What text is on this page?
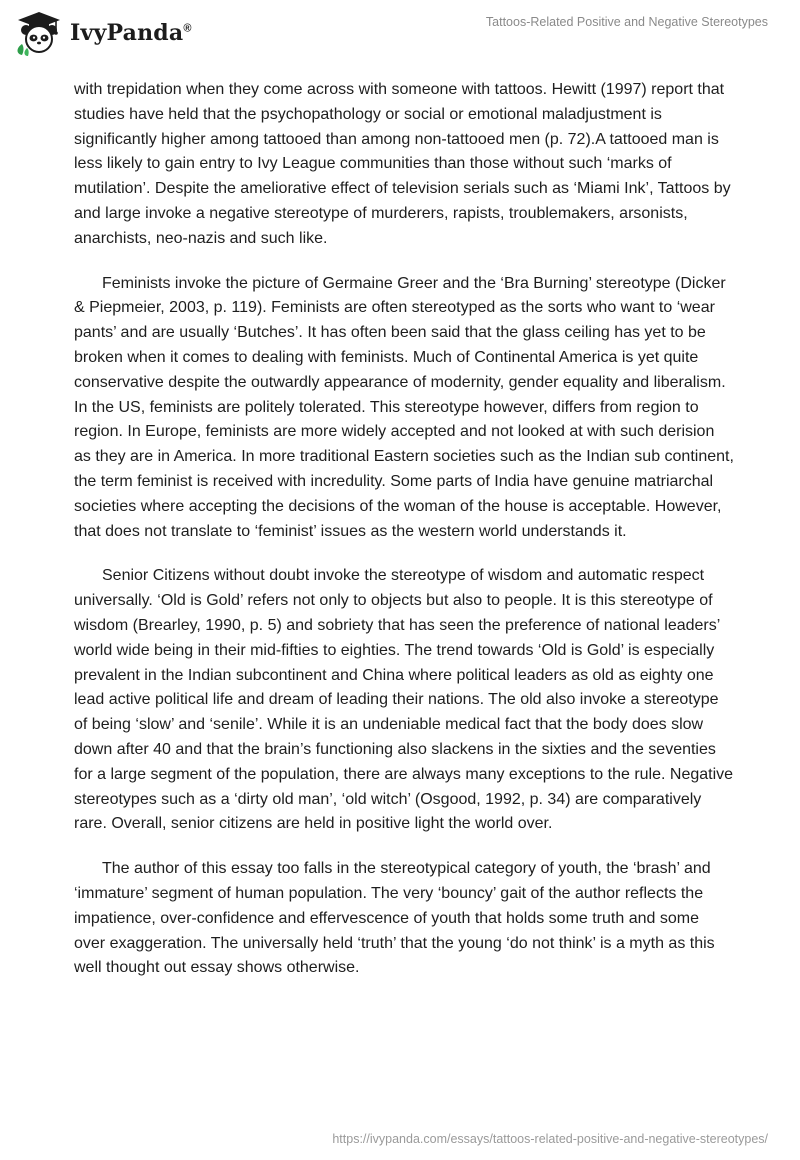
IvyPanda®	Tattoos-Related Positive and Negative Stereotypes

with trepidation when they come across with someone with tattoos. Hewitt (1997) report that studies have held that the psychopathology or social or emotional maladjustment is significantly higher among tattooed than among non-tattooed men (p. 72).A tattooed man is less likely to gain entry to Ivy League communities than those without such ‘marks of mutilation’. Despite the ameliorative effect of television serials such as ‘Miami Ink’, Tattoos by and large invoke a negative stereotype of murderers, rapists, troublemakers, arsonists, anarchists, neo-nazis and such like.

Feminists invoke the picture of Germaine Greer and the ‘Bra Burning’ stereotype (Dicker & Piepmeier, 2003, p. 119). Feminists are often stereotyped as the sorts who want to ‘wear pants’ and are usually ‘Butches’. It has often been said that the glass ceiling has yet to be broken when it comes to dealing with feminists. Much of Continental America is yet quite conservative despite the outwardly appearance of modernity, gender equality and liberalism. In the US, feminists are politely tolerated. This stereotype however, differs from region to region. In Europe, feminists are more widely accepted and not looked at with such derision as they are in America. In more traditional Eastern societies such as the Indian sub continent, the term feminist is received with incredulity. Some parts of India have genuine matriarchal societies where accepting the decisions of the woman of the house is acceptable. However, that does not translate to ‘feminist’ issues as the western world understands it.

Senior Citizens without doubt invoke the stereotype of wisdom and automatic respect universally. ‘Old is Gold’ refers not only to objects but also to people. It is this stereotype of wisdom (Brearley, 1990, p. 5) and sobriety that has seen the preference of national leaders’ world wide being in their mid-fifties to eighties. The trend towards ‘Old is Gold’ is especially prevalent in the Indian subcontinent and China where political leaders as old as eighty one lead active political life and dream of leading their nations. The old also invoke a stereotype of being ‘slow’ and ‘senile’. While it is an undeniable medical fact that the body does slow down after 40 and that the brain’s functioning also slackens in the sixties and the seventies for a large segment of the population, there are always many exceptions to the rule. Negative stereotypes such as a ‘dirty old man’, ‘old witch’ (Osgood, 1992, p. 34) are comparatively rare. Overall, senior citizens are held in positive light the world over.

The author of this essay too falls in the stereotypical category of youth, the ‘brash’ and ‘immature’ segment of human population. The very ‘bouncy’ gait of the author reflects the impatience, over-confidence and effervescence of youth that holds some truth and some over exaggeration. The universally held ‘truth’ that the young ‘do not think’ is a myth as this well thought out essay shows otherwise.

https://ivypanda.com/essays/tattoos-related-positive-and-negative-stereotypes/
